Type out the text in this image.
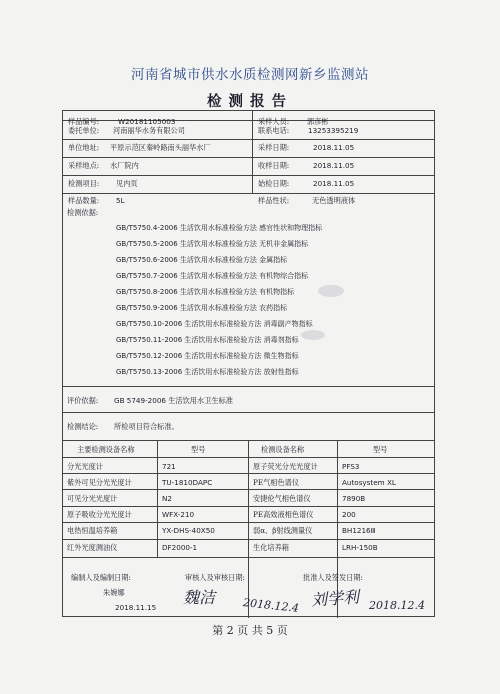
河南省城市供水水质检测网新乡监测站
检测报告
样品编号:	W20181105003	采样人员: 郭彦彬
委托单位: 河南丽华水务有限公司	联系电话:	13253395219
单位地址: 平原示范区秦岭路南头丽华水厂	采样日期:	2018.11.05
采样地点: 水厂院内	收样日期:	2018.11.05
检测项目: 见内页	始检日期:	2018.11.05
样品数量: 5L	样品性状:	无色透明液体
检测依据:
GB/T5750.4-2006 生活饮用水标准检验方法 感官性状和物理指标
GB/T5750.5-2006 生活饮用水标准检验方法 无机非金属指标
GB/T5750.6-2006 生活饮用水标准检验方法 金属指标
GB/T5750.7-2006 生活饮用水标准检验方法 有机物综合指标
GB/T5750.8-2006 生活饮用水标准检验方法 有机物指标
GB/T5750.9-2006 生活饮用水标准检验方法 农药指标
GB/T5750.10-2006 生活饮用水标准检验方法 消毒副产物指标
GB/T5750.11-2006 生活饮用水标准检验方法 消毒剂指标
GB/T5750.12-2006 生活饮用水标准检验方法 微生物指标
GB/T5750.13-2006 生活饮用水标准检验方法 放射性指标
评价依据: GB 5749-2006 生活饮用水卫生标准
检测结论: 所检项目符合标准。
主要检测设备名称	型号	检测设备名称	型号
分光光度计	721	原子荧光分光光度计	PFS3
紫外可见分光光度计	TU-1810DAPC	PE气相色谱仪	Autosystem XL
可见分光光度计	N2	安捷伦气相色谱仪	7890B
原子吸收分光光度计	WFX-210	PE高效液相色谱仪	200
电热恒温培养箱	YX-DHS-40X50	弱α、β射线测量仪	BH1216Ⅲ
红外光度测油仪	DF2000-1	生化培养箱	LRH-150B
编制人及编制日期:
朱婉娜
2018.11.15
审核人及审核日期:
魏洁 2018.12.4
批准人及签发日期:
刘学利 2018.12.4
第 2 页 共 5 页
